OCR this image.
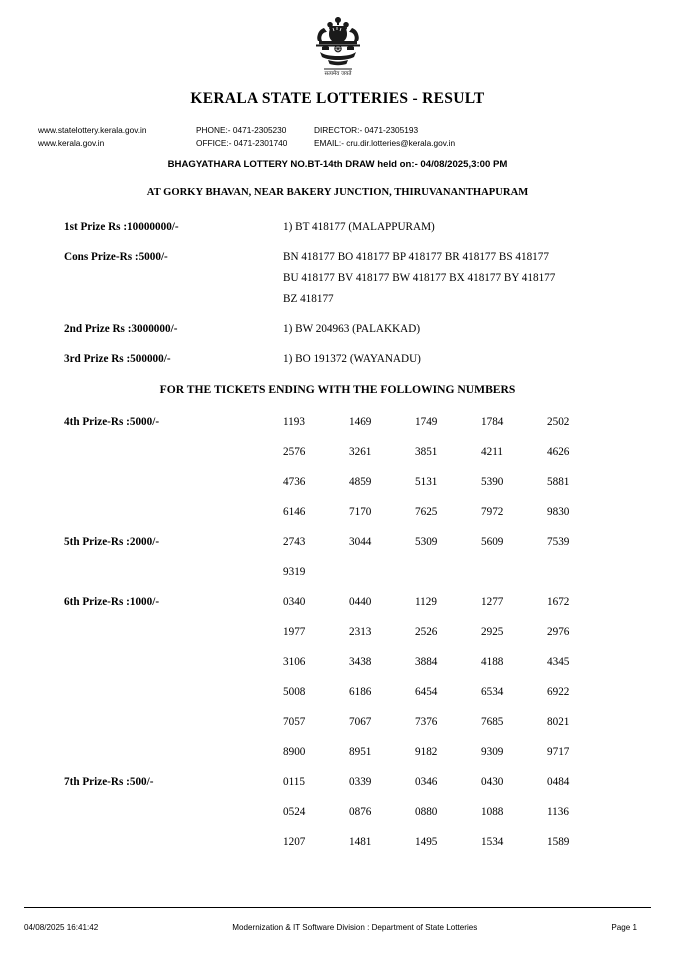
सत्यमेव जयते
KERALA STATE LOTTERIES - RESULT
www.statelottery.kerala.gov.in	PHONE:- 0471-2305230	DIRECTOR:- 0471-2305193
www.kerala.gov.in	OFFICE:- 0471-2301740	EMAIL:- cru.dir.lotteries@kerala.gov.in
BHAGYATHARA LOTTERY NO.BT-14th DRAW held on:- 04/08/2025,3:00 PM
AT GORKY BHAVAN, NEAR BAKERY JUNCTION, THIRUVANANTHAPURAM
1st Prize Rs :10000000/-	1) BT 418177 (MALAPPURAM)
Cons Prize-Rs :5000/-	BN 418177 BO 418177 BP 418177 BR 418177 BS 418177
BU 418177 BV 418177 BW 418177 BX 418177 BY 418177
BZ 418177
2nd Prize Rs :3000000/-	1) BW 204963 (PALAKKAD)
3rd Prize Rs :500000/-	1) BO 191372 (WAYANADU)
FOR THE TICKETS ENDING WITH THE FOLLOWING NUMBERS
4th Prize-Rs :5000/-	1193	1469	1749	1784	2502
2576	3261	3851	4211	4626
4736	4859	5131	5390	5881
6146	7170	7625	7972	9830
5th Prize-Rs :2000/-	2743	3044	5309	5609	7539
9319
6th Prize-Rs :1000/-	0340	0440	1129	1277	1672
1977	2313	2526	2925	2976
3106	3438	3884	4188	4345
5008	6186	6454	6534	6922
7057	7067	7376	7685	8021
8900	8951	9182	9309	9717
7th Prize-Rs :500/-	0115	0339	0346	0430	0484
0524	0876	0880	1088	1136
1207	1481	1495	1534	1589
04/08/2025 16:41:42	Modernization & IT Software Division : Department of State Lotteries	Page 1
